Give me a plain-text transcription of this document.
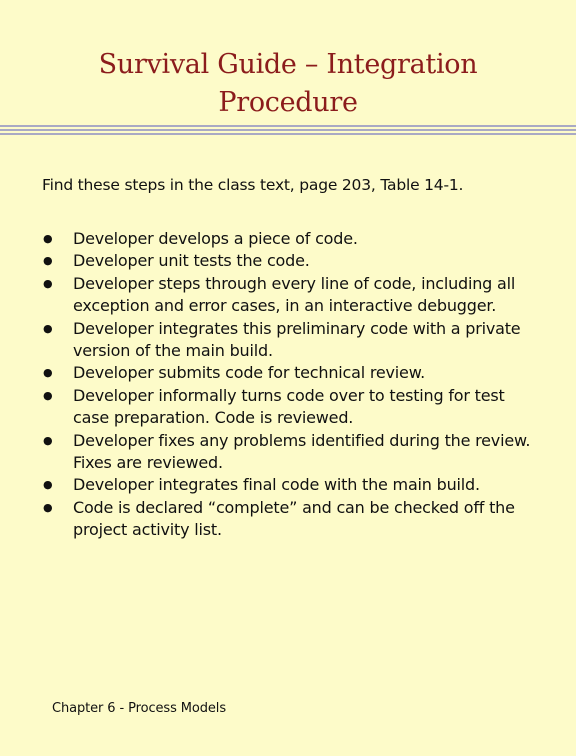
Survival Guide – Integration
Procedure
Find these steps in the class text, page 203, Table 14-1.
● Developer develops a piece of code.
● Developer unit tests the code.
● Developer steps through every line of code, including all exception and error cases, in an interactive debugger.
● Developer integrates this preliminary code with a private version of the main build.
● Developer submits code for technical review.
● Developer informally turns code over to testing for test case preparation. Code is reviewed.
● Developer fixes any problems identified during the review. Fixes are reviewed.
● Developer integrates final code with the main build.
● Code is declared “complete” and can be checked off the project activity list.
Chapter 6 - Process Models
